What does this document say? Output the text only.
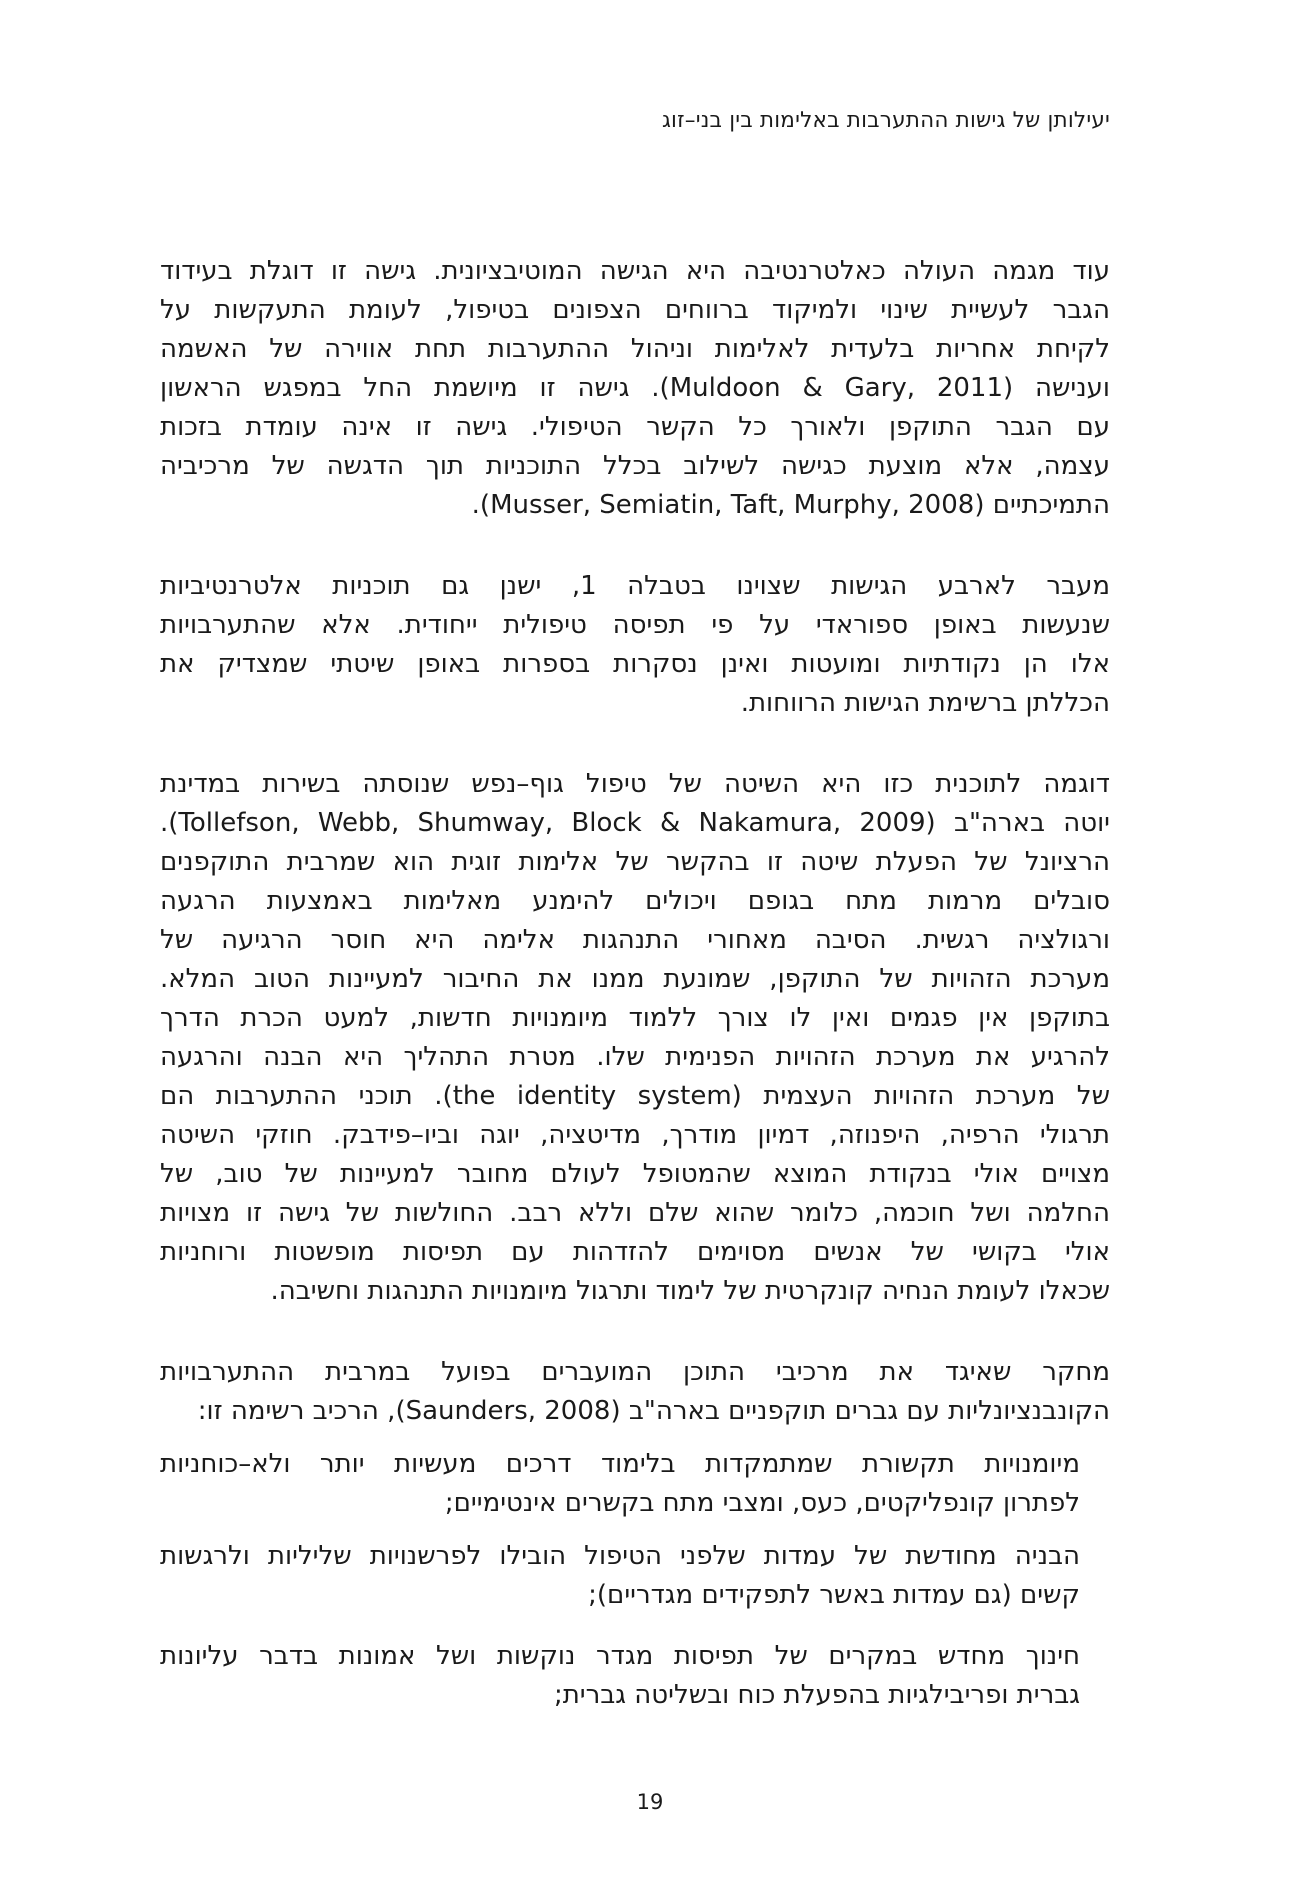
יעילותן של גישות ההתערבות באלימות בין בני–זוג
עוד מגמה העולה כאלטרנטיבה היא הגישה המוטיבציונית. גישה זו דוגלת בעידוד
הגבר לעשיית שינוי ולמיקוד ברווחים הצפונים בטיפול, לעומת התעקשות על
לקיחת אחריות בלעדית לאלימות וניהול ההתערבות תחת אווירה של האשמה
וענישה (Muldoon & Gary, 2011). גישה זו מיושמת החל במפגש הראשון
עם הגבר התוקפן ולאורך כל הקשר הטיפולי. גישה זו אינה עומדת בזכות
עצמה, אלא מוצעת כגישה לשילוב בכלל התוכניות תוך הדגשה של מרכיביה
התמיכתיים (Musser, Semiatin, Taft, Murphy, 2008).
מעבר לארבע הגישות שצוינו בטבלה 1, ישנן גם תוכניות אלטרנטיביות
שנעשות באופן ספוראדי על פי תפיסה טיפולית ייחודית. אלא שהתערבויות
אלו הן נקודתיות ומועטות ואינן נסקרות בספרות באופן שיטתי שמצדיק את
הכללתן ברשימת הגישות הרווחות.
דוגמה לתוכנית כזו היא השיטה של טיפול גוף–נפש שנוסתה בשירות במדינת
יוטה בארה"ב (Tollefson, Webb, Shumway, Block & Nakamura, 2009).
הרציונל של הפעלת שיטה זו בהקשר של אלימות זוגית הוא שמרבית התוקפנים
סובלים מרמות מתח בגופם ויכולים להימנע מאלימות באמצעות הרגעה
ורגולציה רגשית. הסיבה מאחורי התנהגות אלימה היא חוסר הרגיעה של
מערכת הזהויות של התוקפן, שמונעת ממנו את החיבור למעיינות הטוב המלא.
בתוקפן אין פגמים ואין לו צורך ללמוד מיומנויות חדשות, למעט הכרת הדרך
להרגיע את מערכת הזהויות הפנימית שלו. מטרת התהליך היא הבנה והרגעה
של מערכת הזהויות העצמית (the identity system). תוכני ההתערבות הם
תרגולי הרפיה, היפנוזה, דמיון מודרך, מדיטציה, יוגה וביו–פידבק. חוזקי השיטה
מצויים אולי בנקודת המוצא שהמטופל לעולם מחובר למעיינות של טוב, של
החלמה ושל חוכמה, כלומר שהוא שלם וללא רבב. החולשות של גישה זו מצויות
אולי בקושי של אנשים מסוימים להזדהות עם תפיסות מופשטות ורוחניות
שכאלו לעומת הנחיה קונקרטית של לימוד ותרגול מיומנויות התנהגות וחשיבה.
מחקר שאיגד את מרכיבי התוכן המועברים בפועל במרבית ההתערבויות
הקונבנציונליות עם גברים תוקפניים בארה"ב (Saunders, 2008), הרכיב רשימה זו:
מיומנויות תקשורת שמתמקדות בלימוד דרכים מעשיות יותר ולא–כוחניות
לפתרון קונפליקטים, כעס, ומצבי מתח בקשרים אינטימיים;
הבניה מחודשת של עמדות שלפני הטיפול הובילו לפרשנויות שליליות ולרגשות
קשים (גם עמדות באשר לתפקידים מגדריים);
חינוך מחדש במקרים של תפיסות מגדר נוקשות ושל אמונות בדבר עליונות
גברית ופריבילגיות בהפעלת כוח ובשליטה גברית;
19
